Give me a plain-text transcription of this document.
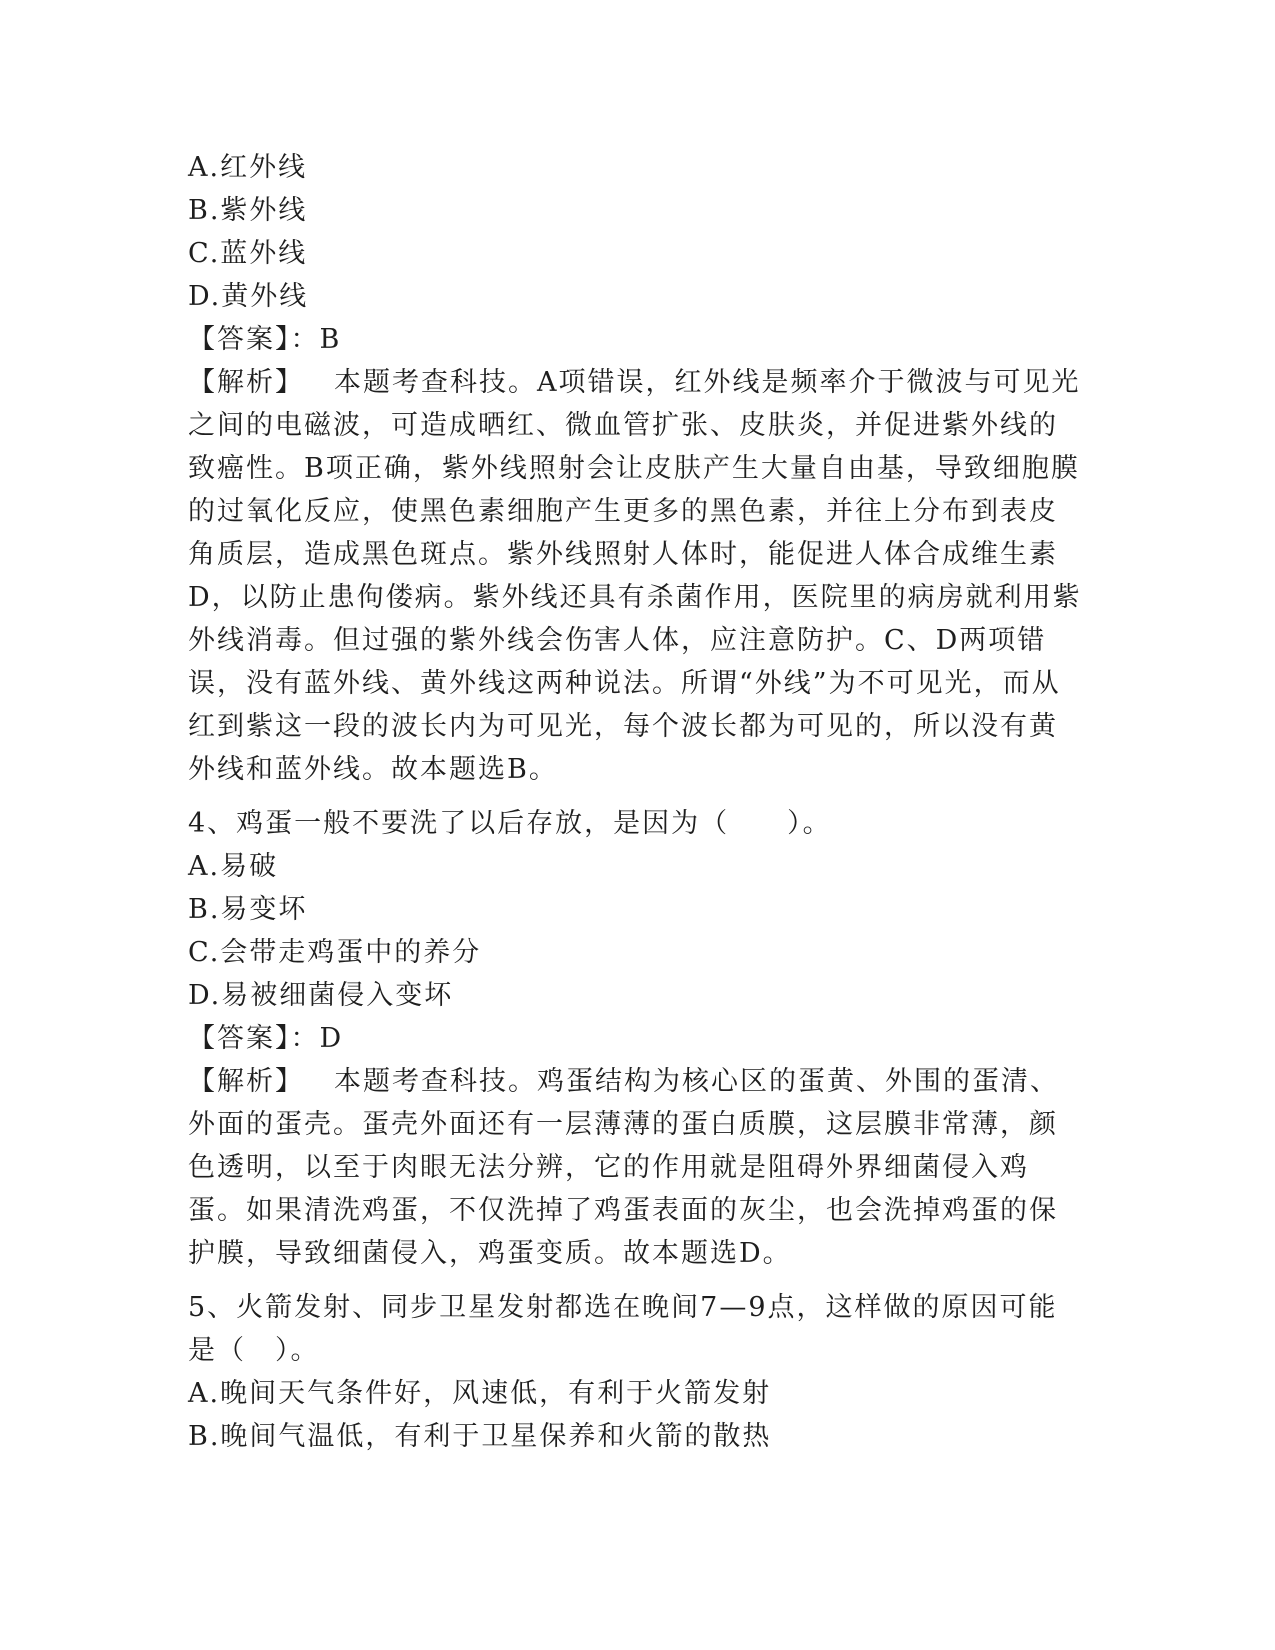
A.红外线

B.紫外线

C.蓝外线

D.黄外线

【答案】：B

【解析】 本题考查科技。A项错误，红外线是频率介于微波与可见光之间的电磁波，可造成晒红、微血管扩张、皮肤炎，并促进紫外线的致癌性。B项正确，紫外线照射会让皮肤产生大量自由基，导致细胞膜的过氧化反应，使黑色素细胞产生更多的黑色素，并往上分布到表皮角质层，造成黑色斑点。紫外线照射人体时，能促进人体合成维生素D，以防止患佝偻病。紫外线还具有杀菌作用，医院里的病房就利用紫外线消毒。但过强的紫外线会伤害人体，应注意防护。C、D两项错误，没有蓝外线、黄外线这两种说法。所谓“外线”为不可见光，而从红到紫这一段的波长内为可见光，每个波长都为可见的，所以没有黄外线和蓝外线。故本题选B。

4、鸡蛋一般不要洗了以后存放，是因为（　　）。

A.易破

B.易变坏

C.会带走鸡蛋中的养分

D.易被细菌侵入变坏

【答案】：D

【解析】 本题考查科技。鸡蛋结构为核心区的蛋黄、外围的蛋清、外面的蛋壳。蛋壳外面还有一层薄薄的蛋白质膜，这层膜非常薄，颜色透明，以至于肉眼无法分辨，它的作用就是阻碍外界细菌侵入鸡蛋。如果清洗鸡蛋，不仅洗掉了鸡蛋表面的灰尘，也会洗掉鸡蛋的保护膜，导致细菌侵入，鸡蛋变质。故本题选D。

5、火箭发射、同步卫星发射都选在晚间7—9点，这样做的原因可能是（　）。

A.晚间天气条件好，风速低，有利于火箭发射

B.晚间气温低，有利于卫星保养和火箭的散热
